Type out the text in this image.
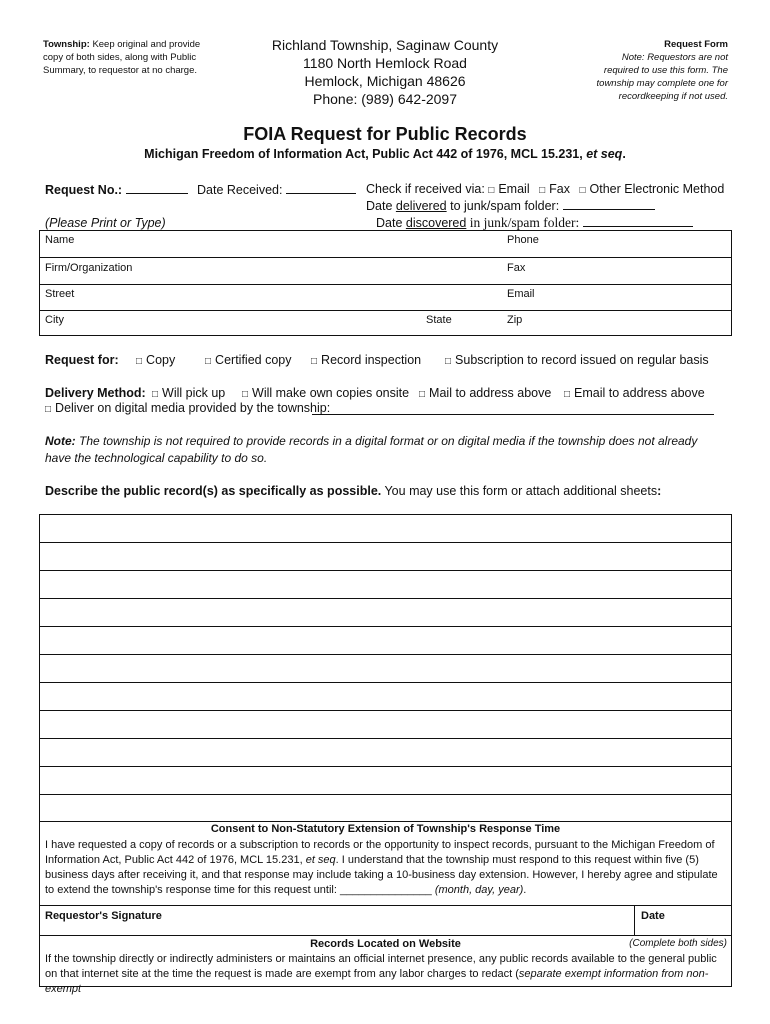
Township: Keep original and provide copy of both sides, along with Public Summary, to requestor at no charge.
Richland Township, Saginaw County
1180 North Hemlock Road
Hemlock, Michigan 48626
Phone: (989) 642-2097
Request Form
Note: Requestors are not required to use this form. The township may complete one for recordkeeping if not used.
FOIA Request for Public Records
Michigan Freedom of Information Act, Public Act 442 of 1976, MCL 15.231, et seq.
Request No.:	Date Received:	Check if received via: □ Email □ Fax □ Other Electronic Method
Date delivered to junk/spam folder:
(Please Print or Type)	Date discovered in junk/spam folder:
Name	Phone
Firm/Organization	Fax
Street	Email
City	State	Zip
Request for: □ Copy	□ Certified copy □ Record inspection □ Subscription to record issued on regular basis
Delivery Method: □ Will pick up □ Will make own copies onsite □ Mail to address above □ Email to address above
□ Deliver on digital media provided by the township:
Note: The township is not required to provide records in a digital format or on digital media if the township does not already have the technological capability to do so.
Describe the public record(s) as specifically as possible. You may use this form or attach additional sheets:
Consent to Non-Statutory Extension of Township's Response Time
I have requested a copy of records or a subscription to records or the opportunity to inspect records, pursuant to the Michigan Freedom of Information Act, Public Act 442 of 1976, MCL 15.231, et seq. I understand that the township must respond to this request within five (5) business days after receiving it, and that response may include taking a 10-business day extension. However, I hereby agree and stipulate to extend the township's response time for this request until: _______________ (month, day, year).
Requestor's Signature	Date
Records Located on Website	(Complete both sides)
If the township directly or indirectly administers or maintains an official internet presence, any public records available to the general public on that internet site at the time the request is made are exempt from any labor charges to redact (separate exempt information from non-exempt
